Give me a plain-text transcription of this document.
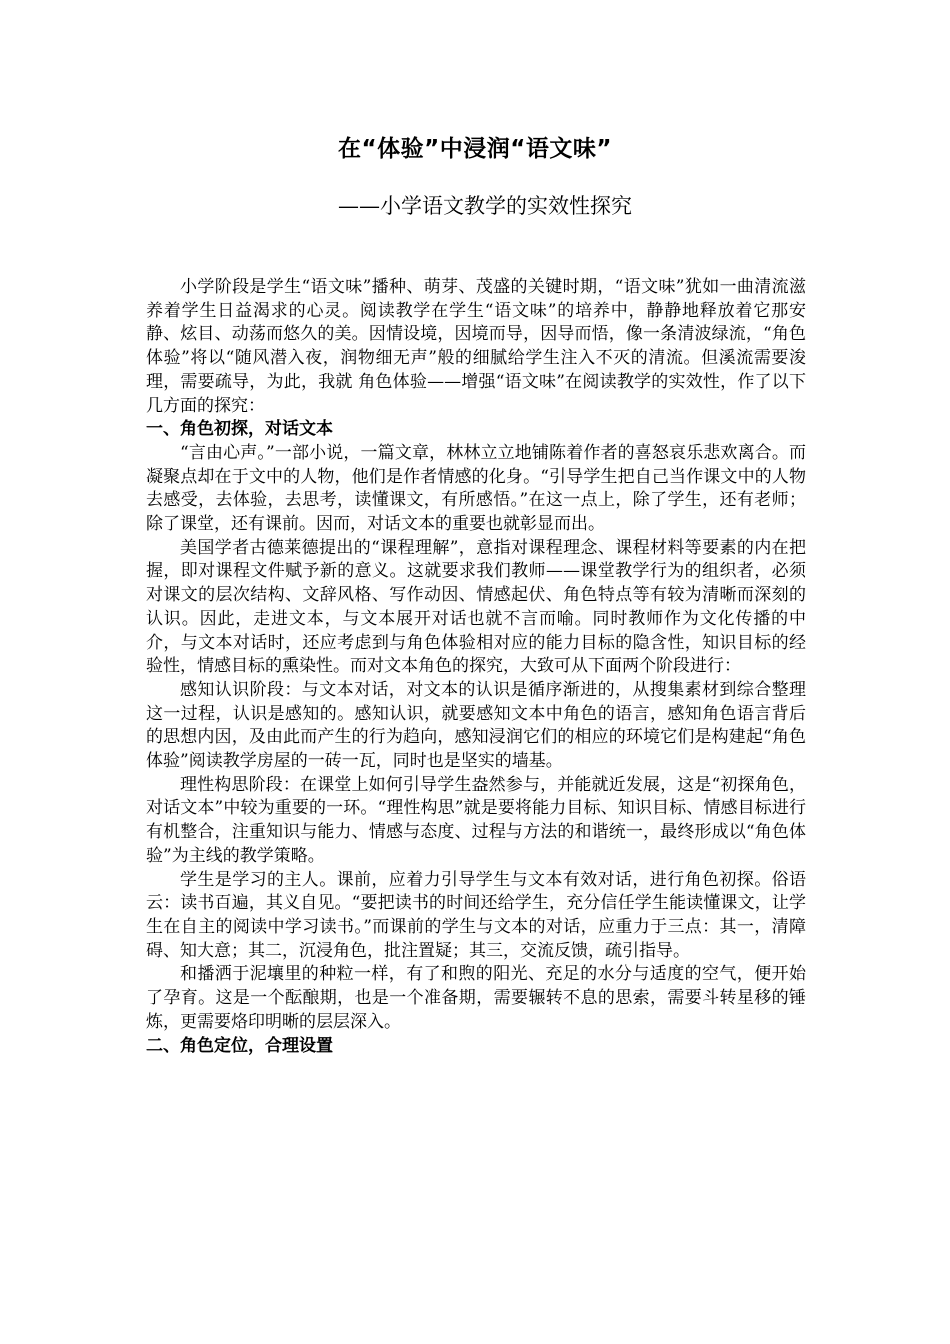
在“体验”中浸润“语文味”
——小学语文教学的实效性探究

小学阶段是学生“语文味”播种、萌芽、茂盛的关键时期，“语文味”犹如一曲清流滋养着学生日益渴求的心灵。阅读教学在学生“语文味”的培养中，静静地释放着它那安静、炫目、动荡而悠久的美。因情设境，因境而导，因导而悟，像一条清波绿流，“角色体验”将以“随风潜入夜，润物细无声”般的细腻给学生注入不灭的清流。但溪流需要浚理，需要疏导，为此，我就 角色体验——增强“语文味”在阅读教学的实效性，作了以下几方面的探究：

一、角色初探，对话文本

“言由心声。”一部小说，一篇文章，林林立立地铺陈着作者的喜怒哀乐悲欢离合。而凝聚点却在于文中的人物，他们是作者情感的化身。“引导学生把自己当作课文中的人物去感受，去体验，去思考，读懂课文，有所感悟。”在这一点上，除了学生，还有老师；除了课堂，还有课前。因而，对话文本的重要也就彰显而出。

美国学者古德莱德提出的“课程理解”，意指对课程理念、课程材料等要素的内在把握，即对课程文件赋予新的意义。这就要求我们教师——课堂教学行为的组织者，必须对课文的层次结构、文辞风格、写作动因、情感起伏、角色特点等有较为清晰而深刻的认识。因此，走进文本，与文本展开对话也就不言而喻。同时教师作为文化传播的中介，与文本对话时，还应考虑到与角色体验相对应的能力目标的隐含性，知识目标的经验性，情感目标的熏染性。而对文本角色的探究，大致可从下面两个阶段进行：

感知认识阶段：与文本对话，对文本的认识是循序渐进的，从搜集素材到综合整理这一过程，认识是感知的。感知认识，就要感知文本中角色的语言，感知角色语言背后的思想内因，及由此而产生的行为趋向，感知浸润它们的相应的环境它们是构建起“角色体验”阅读教学房屋的一砖一瓦，同时也是坚实的墙基。

理性构思阶段：在课堂上如何引导学生盎然参与，并能就近发展，这是“初探角色，对话文本”中较为重要的一环。“理性构思”就是要将能力目标、知识目标、情感目标进行有机整合，注重知识与能力、情感与态度、过程与方法的和谐统一，最终形成以“角色体验”为主线的教学策略。

学生是学习的主人。课前，应着力引导学生与文本有效对话，进行角色初探。俗语云：读书百遍，其义自见。“要把读书的时间还给学生，充分信任学生能读懂课文，让学生在自主的阅读中学习读书。”而课前的学生与文本的对话，应重力于三点：其一，清障碍、知大意；其二，沉浸角色，批注置疑；其三，交流反馈，疏引指导。

和播洒于泥壤里的种粒一样，有了和煦的阳光、充足的水分与适度的空气，便开始了孕育。这是一个酝酿期，也是一个准备期，需要辗转不息的思索，需要斗转星移的锤炼，更需要烙印明晰的层层深入。

二、角色定位，合理设置
